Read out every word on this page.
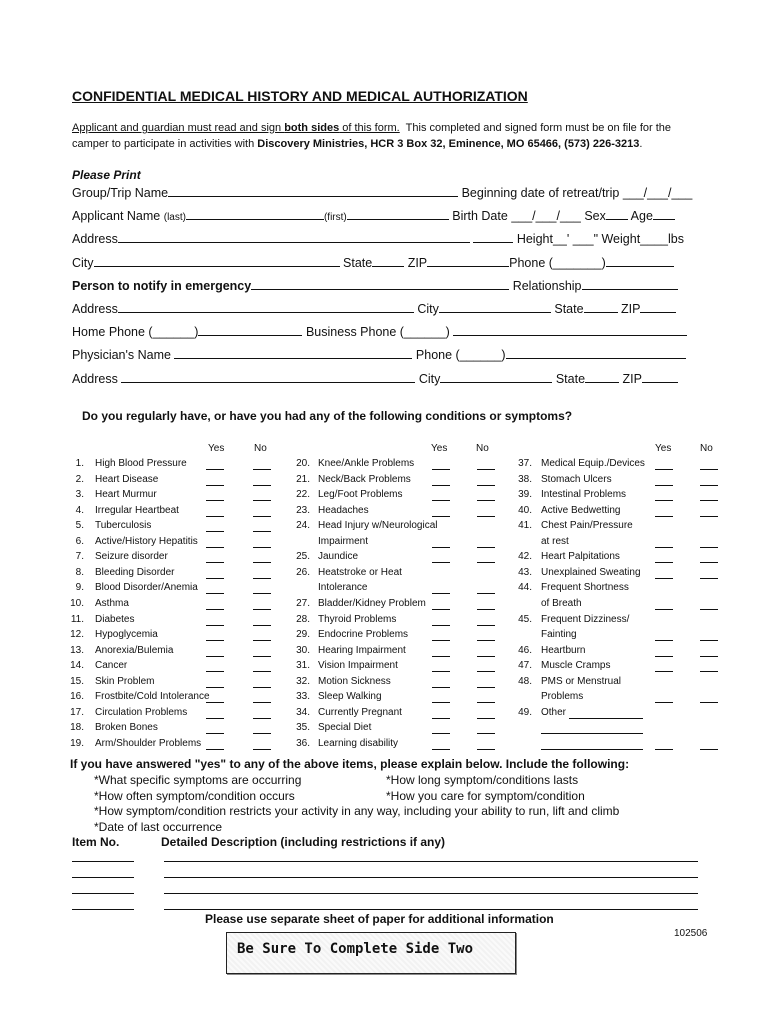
CONFIDENTIAL MEDICAL HISTORY AND MEDICAL AUTHORIZATION
Applicant and guardian must read and sign both sides of this form.  This completed and signed form must be on file for the
camper to participate in activities with Discovery Ministries, HCR 3 Box 32, Eminence, MO 65466, (573) 226-3213.
Please Print
Group/Trip Name	Beginning date of retreat/trip ___/___/___
Applicant Name (last)	(first)	Birth Date ___/___/___ Sex Age
Address	Height__' ___" Weight____lbs
City	State	ZIP	Phone (_______)
Person to notify in emergency	Relationship
Address	City	State	ZIP
Home Phone (______)	Business Phone (______)
Physician's Name	Phone (______)
Address	City	State	ZIP
Do you regularly have, or have you had any of the following conditions or symptoms?
Yes	No	Yes	No	Yes	No
1. High Blood Pressure
2. Heart Disease
3. Heart Murmur
4. Irregular Heartbeat
5. Tuberculosis
6. Active/History Hepatitis
7. Seizure disorder
8. Bleeding Disorder
9. Blood Disorder/Anemia
10. Asthma
11. Diabetes
12. Hypoglycemia
13. Anorexia/Bulemia
14. Cancer
15. Skin Problem
16. Frostbite/Cold Intolerance
17. Circulation Problems
18. Broken Bones
19. Arm/Shoulder Problems
20. Knee/Ankle Problems
21. Neck/Back Problems
22. Leg/Foot Problems
23. Headaches
24. Head Injury w/Neurological
Impairment
25. Jaundice
26. Heatstroke or Heat
Intolerance
27. Bladder/Kidney Problem
28. Thyroid Problems
29. Endocrine Problems
30. Hearing Impairment
31. Vision Impairment
32. Motion Sickness
33. Sleep Walking
34. Currently Pregnant
35. Special Diet
36. Learning disability
37. Medical Equip./Devices
38. Stomach Ulcers
39. Intestinal Problems
40. Active Bedwetting
41. Chest Pain/Pressure
at rest
42. Heart Palpitations
43. Unexplained Sweating
44. Frequent Shortness
of Breath
45. Frequent Dizziness/
Fainting
46. Heartburn
47. Muscle Cramps
48. PMS or Menstrual
Problems
49. Other
If you have answered "yes" to any of the above items, please explain below. Include the following:
*What specific symptoms are occurring	*How long symptom/conditions lasts
*How often symptom/condition occurs	*How you care for symptom/condition
*How symptom/condition restricts your activity in any way, including your ability to run, lift and climb
*Date of last occurrence
Item No.	Detailed Description (including restrictions if any)
Please use separate sheet of paper for additional information
102506
Be Sure To Complete Side Two
